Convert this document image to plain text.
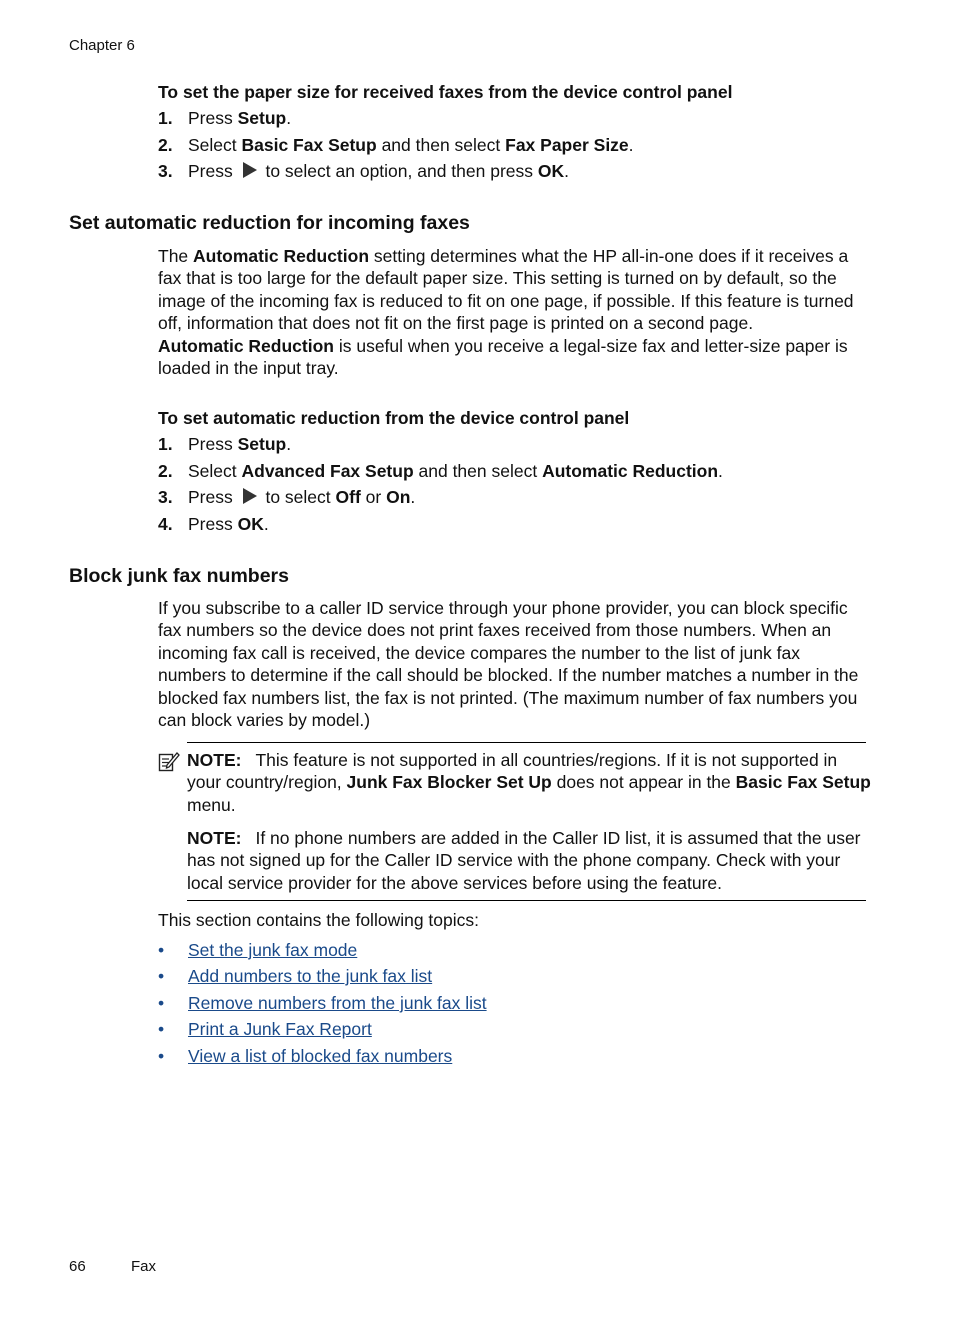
Chapter 6
To set the paper size for received faxes from the device control panel
1. Press Setup.
2. Select Basic Fax Setup and then select Fax Paper Size.
3. Press  to select an option, and then press OK.
Set automatic reduction for incoming faxes

The Automatic Reduction setting determines what the HP all-in-one does if it receives a fax that is too large for the default paper size. This setting is turned on by default, so the image of the incoming fax is reduced to fit on one page, if possible. If this feature is turned off, information that does not fit on the first page is printed on a second page.

Automatic Reduction is useful when you receive a legal-size fax and letter-size paper is loaded in the input tray.

To set automatic reduction from the device control panel
1. Press Setup.
2. Select Advanced Fax Setup and then select Automatic Reduction.
3. Press  to select Off or On.
4. Press OK.
Block junk fax numbers

If you subscribe to a caller ID service through your phone provider, you can block specific fax numbers so the device does not print faxes received from those numbers. When an incoming fax call is received, the device compares the number to the list of junk fax numbers to determine if the call should be blocked. If the number matches a number in the blocked fax numbers list, the fax is not printed. (The maximum number of fax numbers you can block varies by model.)

NOTE: This feature is not supported in all countries/regions. If it is not supported in your country/region, Junk Fax Blocker Set Up does not appear in the Basic Fax Setup menu.
NOTE: If no phone numbers are added in the Caller ID list, it is assumed that the user has not signed up for the Caller ID service with the phone company. Check with your local service provider for the above services before using the feature.
This section contains the following topics:
• Set the junk fax mode
• Add numbers to the junk fax list
• Remove numbers from the junk fax list
• Print a Junk Fax Report
• View a list of blocked fax numbers
66	Fax
